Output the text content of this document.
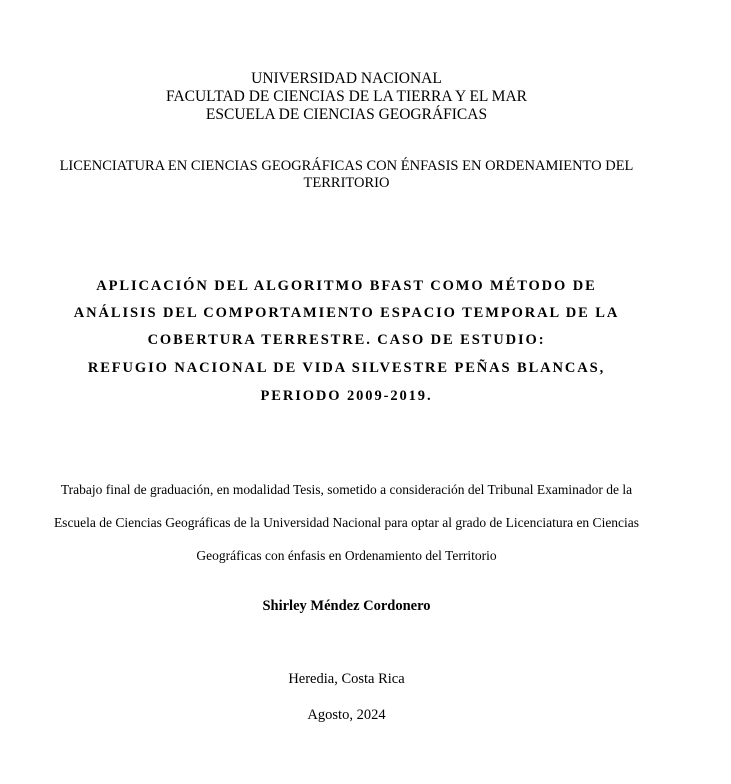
UNIVERSIDAD NACIONAL
FACULTAD DE CIENCIAS DE LA TIERRA Y EL MAR
ESCUELA DE CIENCIAS GEOGRÁFICAS
LICENCIATURA EN CIENCIAS GEOGRÁFICAS CON ÉNFASIS EN ORDENAMIENTO DEL
TERRITORIO
APLICACIÓN DEL ALGORITMO BFAST COMO MÉTODO DE
ANÁLISIS DEL COMPORTAMIENTO ESPACIO TEMPORAL DE LA
COBERTURA TERRESTRE. CASO DE ESTUDIO:
REFUGIO NACIONAL DE VIDA SILVESTRE PEÑAS BLANCAS,
PERIODO 2009-2019.
Trabajo final de graduación, en modalidad Tesis, sometido a consideración del Tribunal Examinador de la
Escuela de Ciencias Geográficas de la Universidad Nacional para optar al grado de Licenciatura en Ciencias
Geográficas con énfasis en Ordenamiento del Territorio
Shirley Méndez Cordonero
Heredia, Costa Rica
Agosto, 2024
